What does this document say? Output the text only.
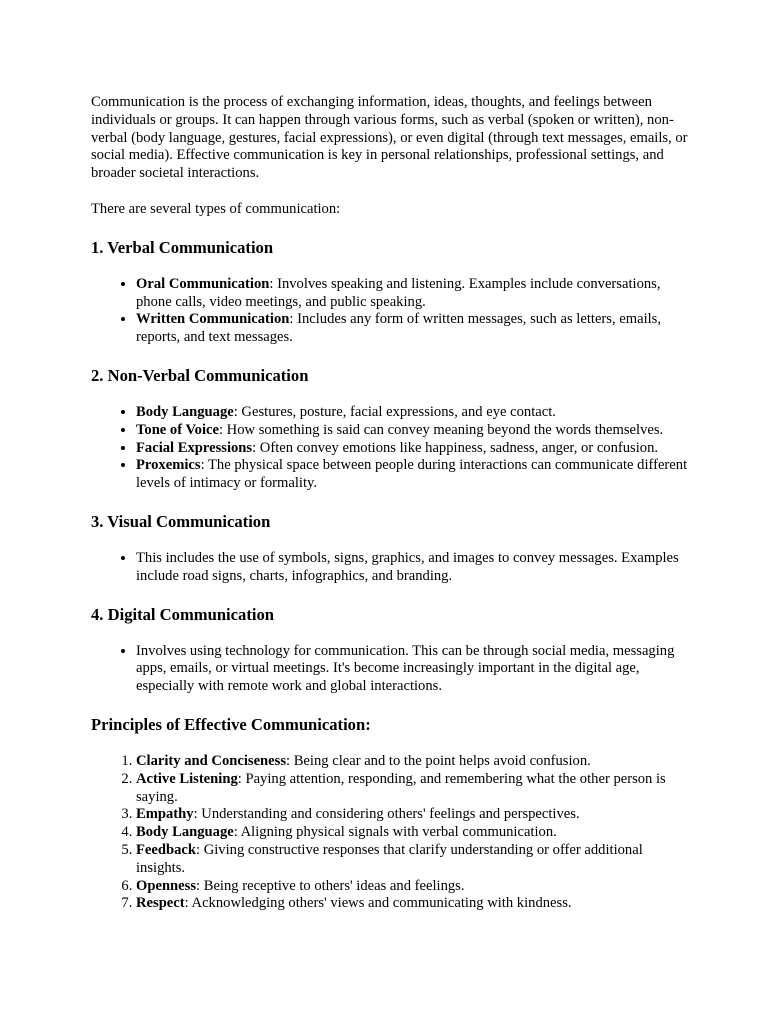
Communication is the process of exchanging information, ideas, thoughts, and feelings between individuals or groups. It can happen through various forms, such as verbal (spoken or written), non-verbal (body language, gestures, facial expressions), or even digital (through text messages, emails, or social media). Effective communication is key in personal relationships, professional settings, and broader societal interactions.

There are several types of communication:

1. Verbal Communication
• Oral Communication: Involves speaking and listening. Examples include conversations, phone calls, video meetings, and public speaking.
• Written Communication: Includes any form of written messages, such as letters, emails, reports, and text messages.
2. Non-Verbal Communication
• Body Language: Gestures, posture, facial expressions, and eye contact.
• Tone of Voice: How something is said can convey meaning beyond the words themselves.
• Facial Expressions: Often convey emotions like happiness, sadness, anger, or confusion.
• Proxemics: The physical space between people during interactions can communicate different levels of intimacy or formality.
3. Visual Communication
• This includes the use of symbols, signs, graphics, and images to convey messages. Examples include road signs, charts, infographics, and branding.
4. Digital Communication
• Involves using technology for communication. This can be through social media, messaging apps, emails, or virtual meetings. It's become increasingly important in the digital age, especially with remote work and global interactions.
Principles of Effective Communication:
1. Clarity and Conciseness: Being clear and to the point helps avoid confusion.
2. Active Listening: Paying attention, responding, and remembering what the other person is saying.
3. Empathy: Understanding and considering others' feelings and perspectives.
4. Body Language: Aligning physical signals with verbal communication.
5. Feedback: Giving constructive responses that clarify understanding or offer additional insights.
6. Openness: Being receptive to others' ideas and feelings.
7. Respect: Acknowledging others' views and communicating with kindness.
